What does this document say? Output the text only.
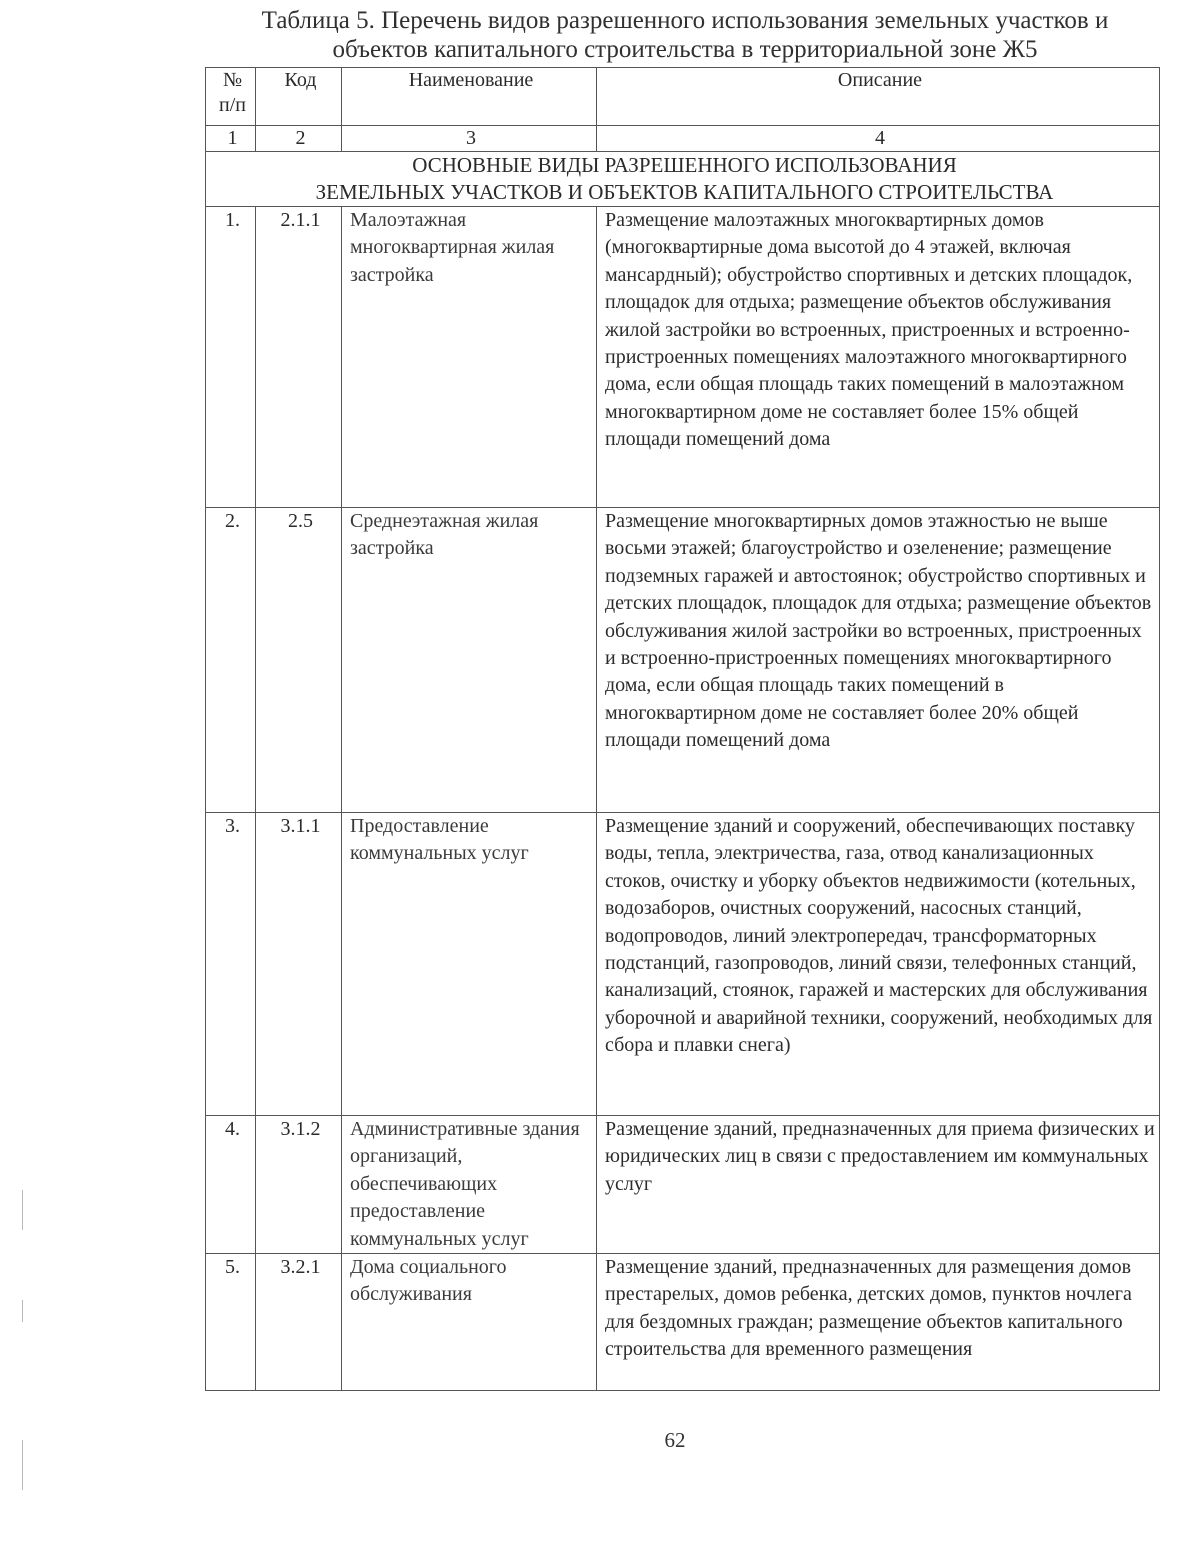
Таблица 5. Перечень видов разрешенного использования земельных участков и
объектов капитального строительства в территориальной зоне Ж5
№ п/п	Код	Наименование	Описание
1	2	3	4

ОСНОВНЫЕ ВИДЫ РАЗРЕШЕННОГО ИСПОЛЬЗОВАНИЯ
ЗЕМЕЛЬНЫХ УЧАСТКОВ И ОБЪЕКТОВ КАПИТАЛЬНОГО СТРОИТЕЛЬСТВА			

1.	2.1.1	Малоэтажная многоквартирная жилая застройка	Размещение малоэтажных многоквартирных домов (многоквартирные дома высотой до 4 этажей, включая мансардный); обустройство спортивных и детских площадок, площадок для отдыха; размещение объектов обслуживания жилой застройки во встроенных, пристроенных и встроенно-пристроенных помещениях малоэтажного многоквартирного дома, если общая площадь таких помещений в малоэтажном многоквартирном доме не составляет более 15% общей площади помещений дома
2.	2.5	Среднеэтажная жилая застройка	Размещение многоквартирных домов этажностью не выше восьми этажей; благоустройство и озеленение; размещение подземных гаражей и автостоянок; обустройство спортивных и детских площадок, площадок для отдыха; размещение объектов обслуживания жилой застройки во встроенных, пристроенных и встроенно-пристроенных помещениях многоквартирного дома, если общая площадь таких помещений в многоквартирном доме не составляет более 20% общей площади помещений дома
3.	3.1.1	Предоставление коммунальных услуг	Размещение зданий и сооружений, обеспечивающих поставку воды, тепла, электричества, газа, отвод канализационных стоков, очистку и уборку объектов недвижимости (котельных, водозаборов, очистных сооружений, насосных станций, водопроводов, линий электропередач, трансформаторных подстанций, газопроводов, линий связи, телефонных станций, канализаций, стоянок, гаражей и мастерских для обслуживания уборочной и аварийной техники, сооружений, необходимых для сбора и плавки снега)
4.	3.1.2	Административные здания организаций, обеспечивающих предоставление коммунальных услуг	Размещение зданий, предназначенных для приема физических и юридических лиц в связи с предоставлением им коммунальных услуг
5.	3.2.1	Дома социального обслуживания	Размещение зданий, предназначенных для размещения домов престарелых, домов ребенка, детских домов, пунктов ночлега для бездомных граждан; размещение объектов капитального строительства для временного размещения
62
